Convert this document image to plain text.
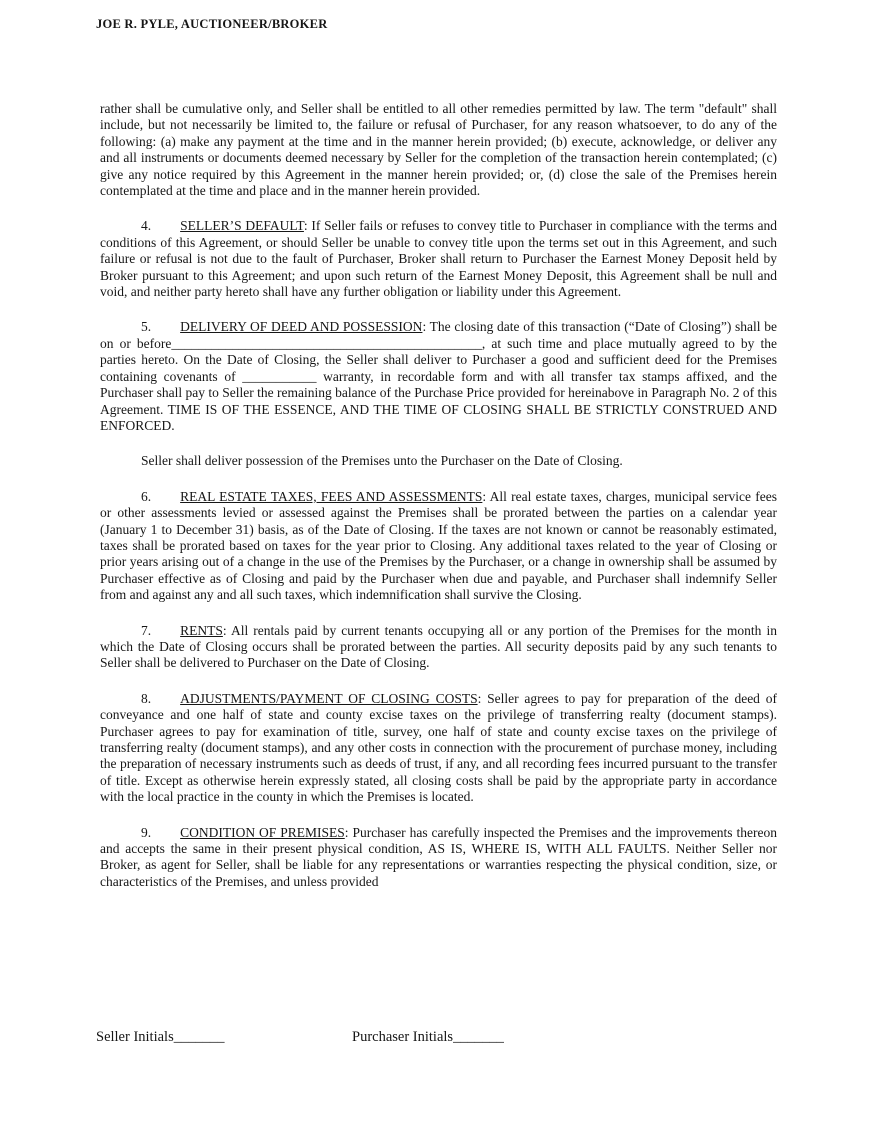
JOE R. PYLE, AUCTIONEER/BROKER

rather shall be cumulative only, and Seller shall be entitled to all other remedies permitted by law. The term "default" shall include, but not necessarily be limited to, the failure or refusal of Purchaser, for any reason whatsoever, to do any of the following: (a) make any payment at the time and in the manner herein provided; (b) execute, acknowledge, or deliver any and all instruments or documents deemed necessary by Seller for the completion of the transaction herein contemplated; (c) give any notice required by this Agreement in the manner herein provided; or, (d) close the sale of the Premises herein contemplated at the time and place and in the manner herein provided.

4. SELLER’S DEFAULT: If Seller fails or refuses to convey title to Purchaser in compliance with the terms and conditions of this Agreement, or should Seller be unable to convey title upon the terms set out in this Agreement, and such failure or refusal is not due to the fault of Purchaser, Broker shall return to Purchaser the Earnest Money Deposit held by Broker pursuant to this Agreement; and upon such return of the Earnest Money Deposit, this Agreement shall be null and void, and neither party hereto shall have any further obligation or liability under this Agreement.

5. DELIVERY OF DEED AND POSSESSION: The closing date of this transaction (“Date of Closing”) shall be on or before______________________________________________, at such time and place mutually agreed to by the parties hereto. On the Date of Closing, the Seller shall deliver to Purchaser a good and sufficient deed for the Premises containing covenants of ___________ warranty, in recordable form and with all transfer tax stamps affixed, and the Purchaser shall pay to Seller the remaining balance of the Purchase Price provided for hereinabove in Paragraph No. 2 of this Agreement. TIME IS OF THE ESSENCE, AND THE TIME OF CLOSING SHALL BE STRICTLY CONSTRUED AND ENFORCED.

Seller shall deliver possession of the Premises unto the Purchaser on the Date of Closing.

6. REAL ESTATE TAXES, FEES AND ASSESSMENTS: All real estate taxes, charges, municipal service fees or other assessments levied or assessed against the Premises shall be prorated between the parties on a calendar year (January 1 to December 31) basis, as of the Date of Closing. If the taxes are not known or cannot be reasonably estimated, taxes shall be prorated based on taxes for the year prior to Closing. Any additional taxes related to the year of Closing or prior years arising out of a change in the use of the Premises by the Purchaser, or a change in ownership shall be assumed by Purchaser effective as of Closing and paid by the Purchaser when due and payable, and Purchaser shall indemnify Seller from and against any and all such taxes, which indemnification shall survive the Closing.

7. RENTS: All rentals paid by current tenants occupying all or any portion of the Premises for the month in which the Date of Closing occurs shall be prorated between the parties. All security deposits paid by any such tenants to Seller shall be delivered to Purchaser on the Date of Closing.

8. ADJUSTMENTS/PAYMENT OF CLOSING COSTS: Seller agrees to pay for preparation of the deed of conveyance and one half of state and county excise taxes on the privilege of transferring realty (document stamps). Purchaser agrees to pay for examination of title, survey, one half of state and county excise taxes on the privilege of transferring realty (document stamps), and any other costs in connection with the procurement of purchase money, including the preparation of necessary instruments such as deeds of trust, if any, and all recording fees incurred pursuant to the transfer of title. Except as otherwise herein expressly stated, all closing costs shall be paid by the appropriate party in accordance with the local practice in the county in which the Premises is located.

9. CONDITION OF PREMISES: Purchaser has carefully inspected the Premises and the improvements thereon and accepts the same in their present physical condition, AS IS, WHERE IS, WITH ALL FAULTS. Neither Seller nor Broker, as agent for Seller, shall be liable for any representations or warranties respecting the physical condition, size, or characteristics of the Premises, and unless provided

Seller Initials_______	Purchaser Initials_______
